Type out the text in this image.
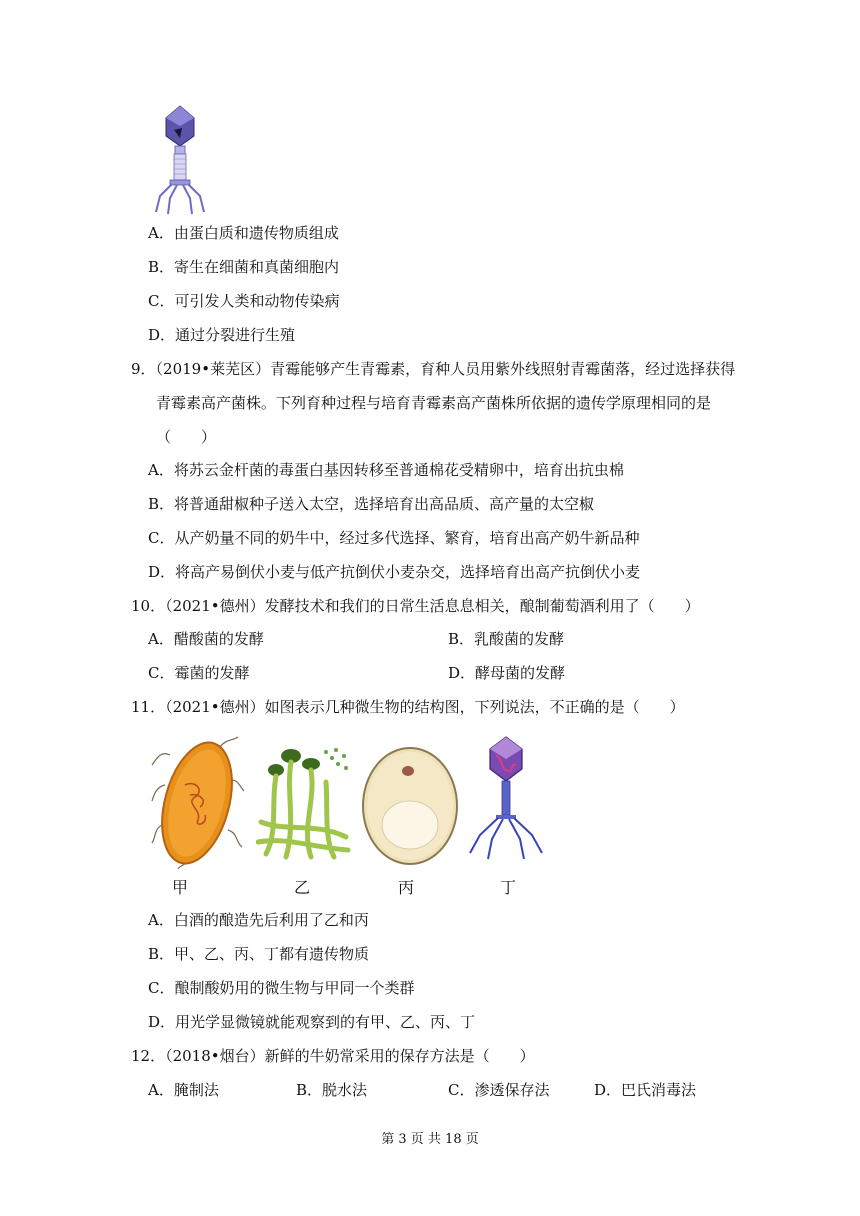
A．由蛋白质和遗传物质组成
B．寄生在细菌和真菌细胞内
C．可引发人类和动物传染病
D．通过分裂进行生殖
9．（2019•莱芜区）青霉能够产生青霉素，育种人员用紫外线照射青霉菌落，经过选择获得
青霉素高产菌株。下列育种过程与培育青霉素高产菌株所依据的遗传学原理相同的是
（　　）
A．将苏云金杆菌的毒蛋白基因转移至普通棉花受精卵中，培育出抗虫棉
B．将普通甜椒种子送入太空，选择培育出高品质、高产量的太空椒
C．从产奶量不同的奶牛中，经过多代选择、繁育，培育出高产奶牛新品种
D．将高产易倒伏小麦与低产抗倒伏小麦杂交，选择培育出高产抗倒伏小麦
10．（2021•德州）发酵技术和我们的日常生活息息相关，酿制葡萄酒利用了（　　）
A．醋酸菌的发酵	B．乳酸菌的发酵
C．霉菌的发酵	D．酵母菌的发酵
11．（2021•德州）如图表示几种微生物的结构图，下列说法，不正确的是（　　）
甲	乙	丙	丁
A．白酒的酿造先后利用了乙和丙
B．甲、乙、丙、丁都有遗传物质
C．酿制酸奶用的微生物与甲同一个类群
D．用光学显微镜就能观察到的有甲、乙、丙、丁
12．（2018•烟台）新鲜的牛奶常采用的保存方法是（　　）
A．腌制法	B．脱水法	C．渗透保存法	D．巴氏消毒法
第 3 页 共 18 页
